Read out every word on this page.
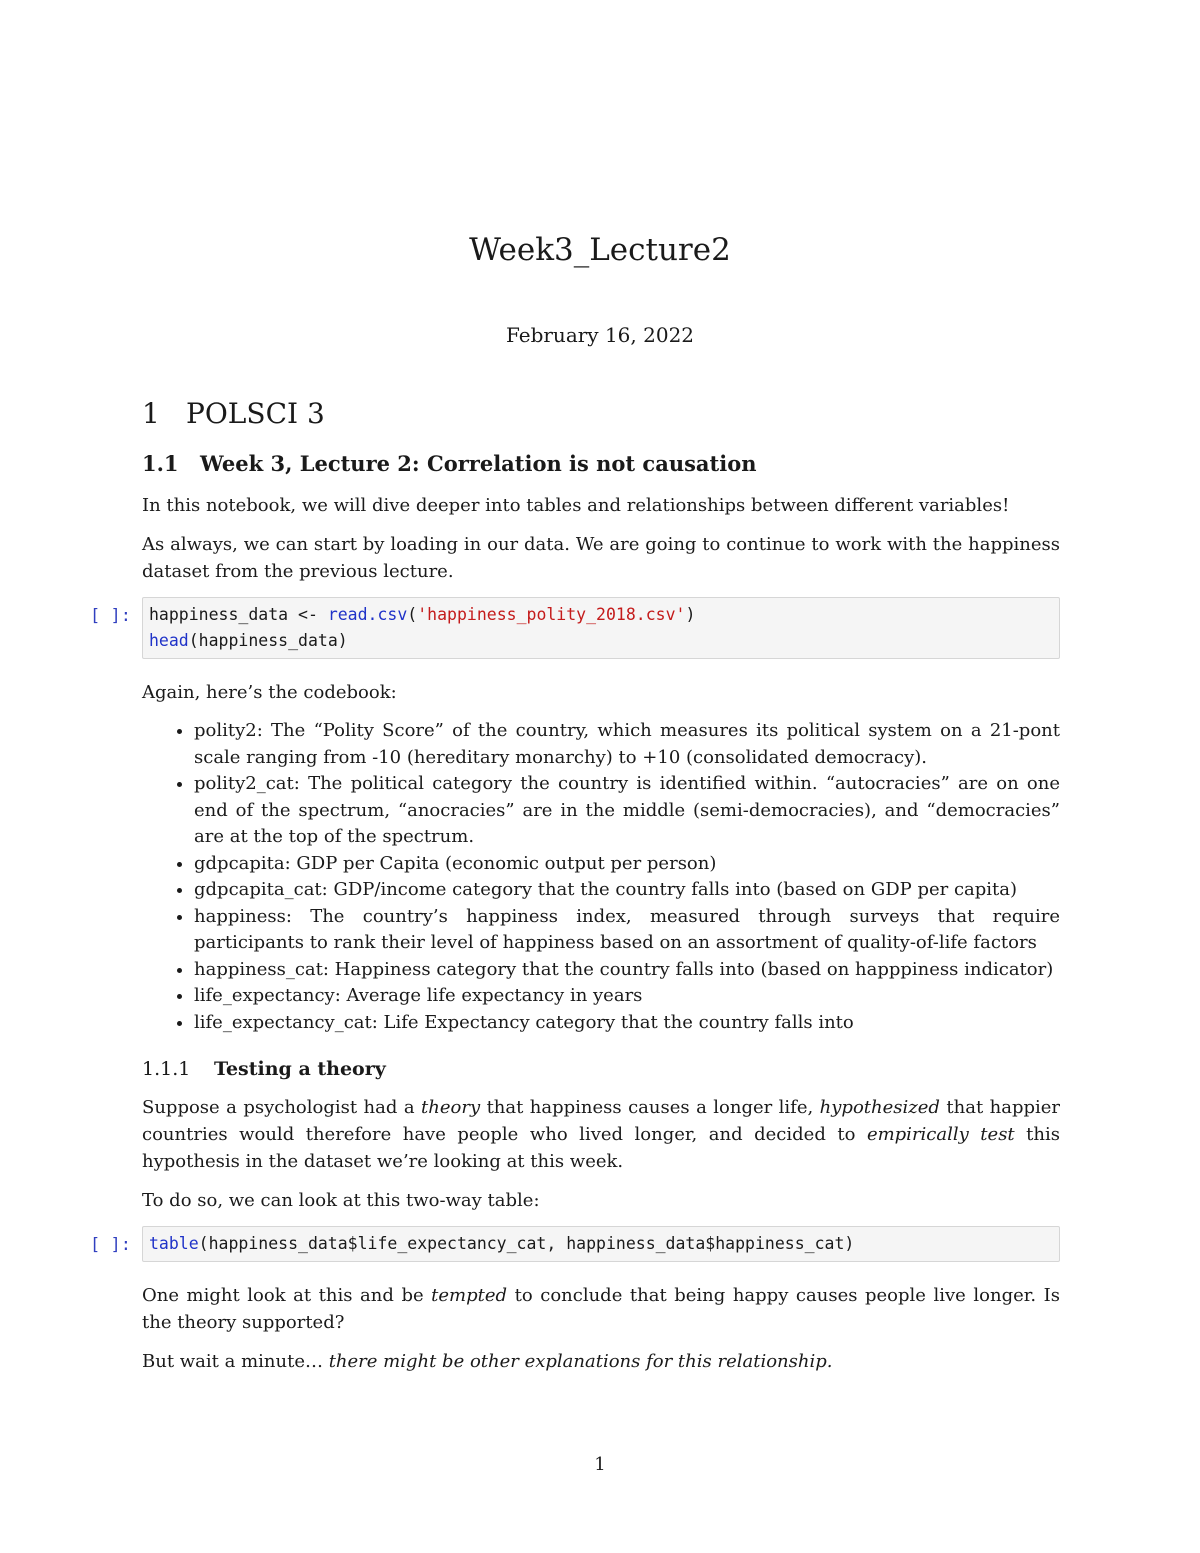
Week3_Lecture2
February 16, 2022
1 POLSCI 3
1.1 Week 3, Lecture 2: Correlation is not causation

In this notebook, we will dive deeper into tables and relationships between different variables!

As always, we can start by loading in our data. We are going to continue to work with the happiness dataset from the previous lecture.

[ ]:	happiness_data <- read.csv('happiness_polity_2018.csv')
head(happiness_data)

Again, here’s the codebook:

• polity2: The “Polity Score” of the country, which measures its political system on a 21-pont scale ranging from -10 (hereditary monarchy) to +10 (consolidated democracy).
• polity2_cat: The political category the country is identified within. “autocracies” are on one end of the spectrum, “anocracies” are in the middle (semi-democracies), and “democracies” are at the top of the spectrum.
• gdpcapita: GDP per Capita (economic output per person)
• gdpcapita_cat: GDP/income category that the country falls into (based on GDP per capita)
• happiness: The country’s happiness index, measured through surveys that require participants to rank their level of happiness based on an assortment of quality-of-life factors
• happiness_cat: Happiness category that the country falls into (based on happpiness indicator)
• life_expectancy: Average life expectancy in years
• life_expectancy_cat: Life Expectancy category that the country falls into
1.1.1 Testing a theory

Suppose a psychologist had a theory that happiness causes a longer life, hypothesized that happier countries would therefore have people who lived longer, and decided to empirically test this hypothesis in the dataset we’re looking at this week.

To do so, we can look at this two-way table:

[ ]:	table(happiness_data$life_expectancy_cat, happiness_data$happiness_cat)

One might look at this and be tempted to conclude that being happy causes people live longer. Is the theory supported?

But wait a minute… there might be other explanations for this relationship.

1
